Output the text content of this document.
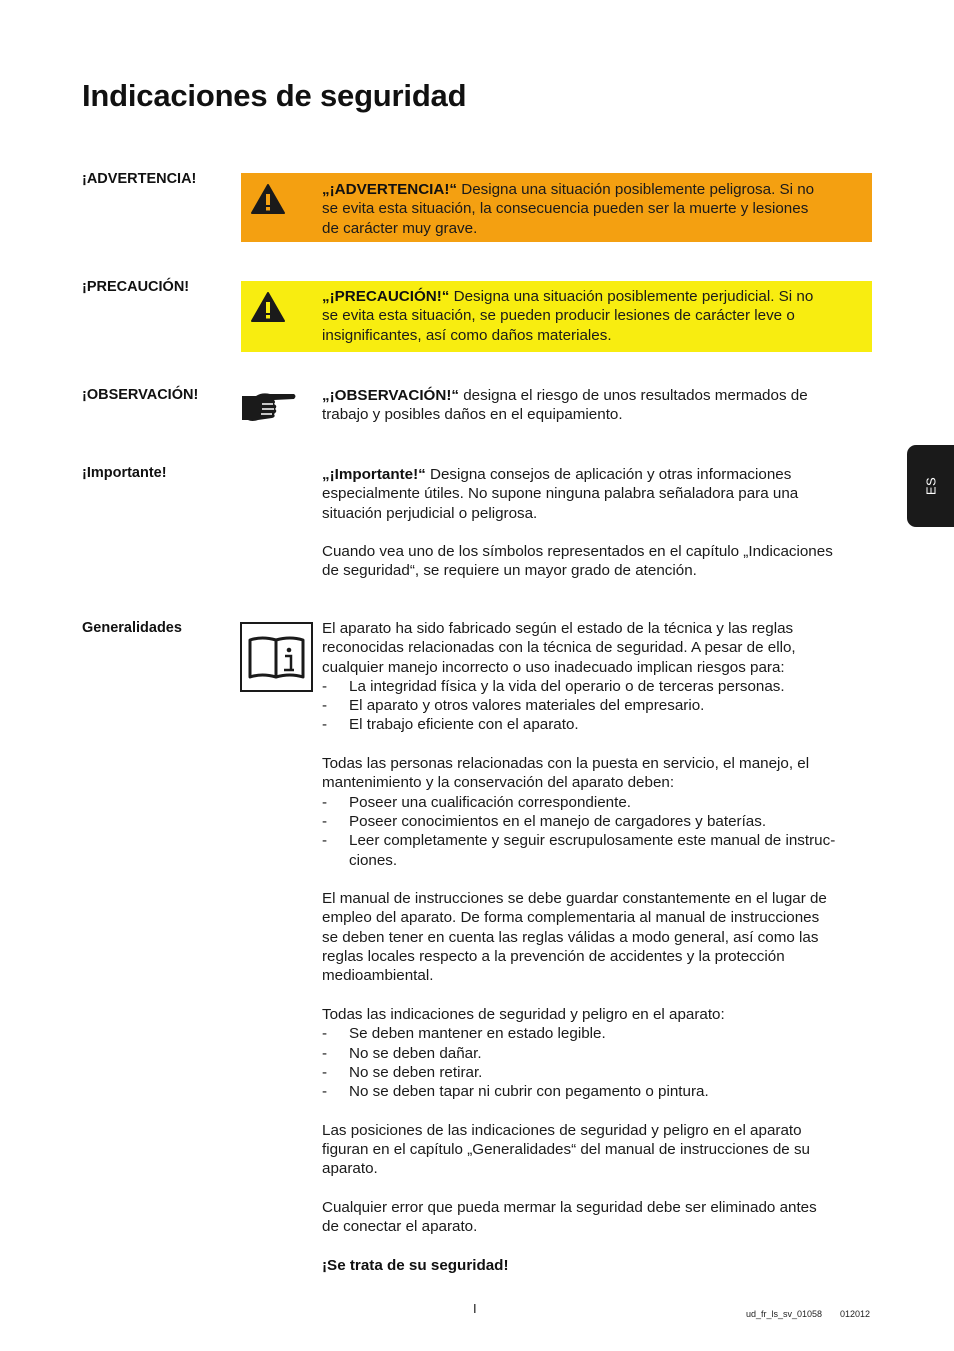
Indicaciones de seguridad
¡ADVERTENCIA!
„¡ADVERTENCIA!“ Designa una situación posiblemente peligrosa. Si no
se evita esta situación, la consecuencia pueden ser la muerte y lesiones
de carácter muy grave.
¡PRECAUCIÓN!
„¡PRECAUCIÓN!“ Designa una situación posiblemente perjudicial. Si no
se evita esta situación, se pueden producir lesiones de carácter leve o
insignificantes, así como daños materiales.
¡OBSERVACIÓN!	„¡OBSERVACIÓN!“ designa el riesgo de unos resultados mermados de
trabajo y posibles daños en el equipamiento.
¡Importante!	„¡Importante!“ Designa consejos de aplicación y otras informaciones
especialmente útiles. No supone ninguna palabra señaladora para una
situación perjudicial o peligrosa.
Cuando vea uno de los símbolos representados en el capítulo „Indicaciones
de seguridad“, se requiere un mayor grado de atención.
ES
Generalidades	El aparato ha sido fabricado según el estado de la técnica y las reglas
reconocidas relacionadas con la técnica de seguridad. A pesar de ello,
cualquier manejo incorrecto o uso inadecuado implican riesgos para:
-	La integridad física y la vida del operario o de terceras personas.
-	El aparato y otros valores materiales del empresario.
-	El trabajo eficiente con el aparato.
Todas las personas relacionadas con la puesta en servicio, el manejo, el
mantenimiento y la conservación del aparato deben:
-	Poseer una cualificación correspondiente.
-	Poseer conocimientos en el manejo de cargadores y baterías.
-	Leer completamente y seguir escrupulosamente este manual de instruc-
ciones.
El manual de instrucciones se debe guardar constantemente en el lugar de
empleo del aparato. De forma complementaria al manual de instrucciones
se deben tener en cuenta las reglas válidas a modo general, así como las
reglas locales respecto a la prevención de accidentes y la protección
medioambiental.
Todas las indicaciones de seguridad y peligro en el aparato:
-	Se deben mantener en estado legible.
-	No se deben dañar.
-	No se deben retirar.
-	No se deben tapar ni cubrir con pegamento o pintura.
Las posiciones de las indicaciones de seguridad y peligro en el aparato
figuran en el capítulo „Generalidades“ del manual de instrucciones de su
aparato.
Cualquier error que pueda mermar la seguridad debe ser eliminado antes
de conectar el aparato.
¡Se trata de su seguridad!
I	ud_fr_ls_sv_01058 012012
